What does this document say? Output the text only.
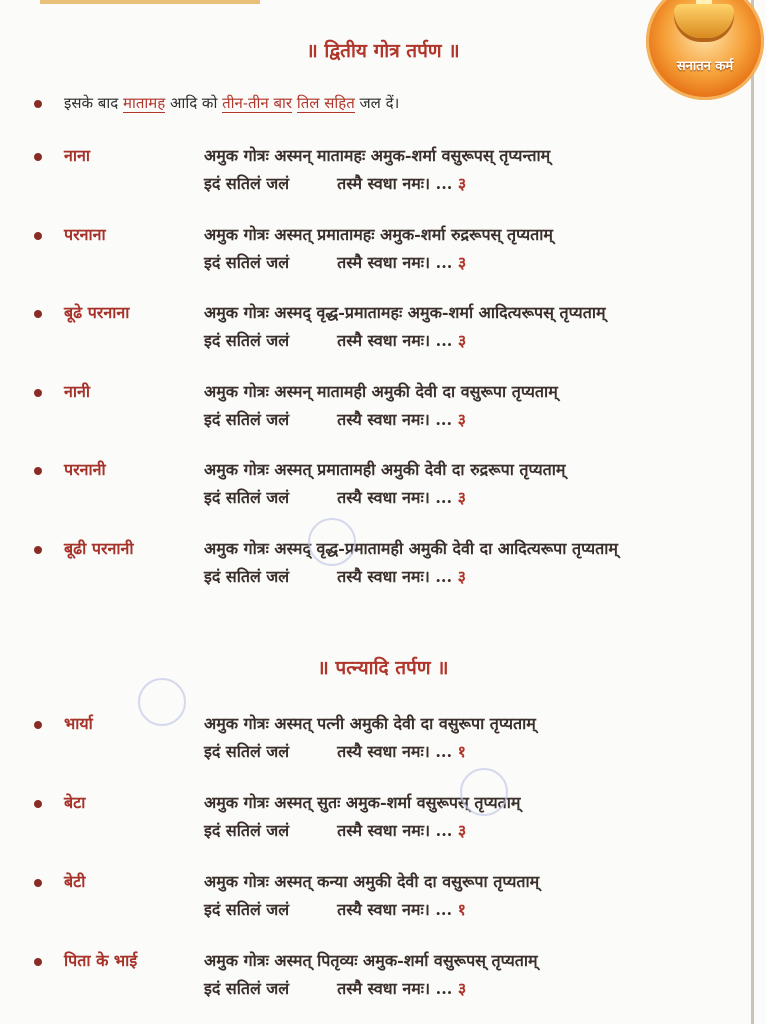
सनातन कर्म
॥ द्वितीय गोत्र तर्पण ॥
इसके बाद मातामह आदि को तीन-तीन बार तिल सहित जल दें।
नाना	अमुक गोत्रः अस्मन् मातामहः अमुक-शर्मा वसुरूपस् तृप्यन्ताम्
इदं सतिलं जलं	तस्मै स्वधा नमः। ... ३
परनाना	अमुक गोत्रः अस्मत् प्रमातामहः अमुक-शर्मा रुद्ररूपस् तृप्यताम्
इदं सतिलं जलं	तस्मै स्वधा नमः। ... ३
बूढे परनाना	अमुक गोत्रः अस्मद् वृद्ध-प्रमातामहः अमुक-शर्मा आदित्यरूपस् तृप्यताम्
इदं सतिलं जलं	तस्मै स्वधा नमः। ... ३
नानी	अमुक गोत्रः अस्मन् मातामही अमुकी देवी दा वसुरूपा तृप्यताम्
इदं सतिलं जलं	तस्यै स्वधा नमः। ... ३
परनानी	अमुक गोत्रः अस्मत् प्रमातामही अमुकी देवी दा रुद्ररूपा तृप्यताम्
इदं सतिलं जलं	तस्यै स्वधा नमः। ... ३
बूढी परनानी	अमुक गोत्रः अस्मद् वृद्ध-प्रमातामही अमुकी देवी दा आदित्यरूपा तृप्यताम्
इदं सतिलं जलं	तस्यै स्वधा नमः। ... ३
॥ पत्न्यादि तर्पण ॥
भार्या	अमुक गोत्रः अस्मत् पत्नी अमुकी देवी दा वसुरूपा तृप्यताम्
इदं सतिलं जलं	तस्यै स्वधा नमः। ... १
बेटा	अमुक गोत्रः अस्मत् सुतः अमुक-शर्मा वसुरूपस् तृप्यताम्
इदं सतिलं जलं	तस्मै स्वधा नमः। ... ३
बेटी	अमुक गोत्रः अस्मत् कन्या अमुकी देवी दा वसुरूपा तृप्यताम्
इदं सतिलं जलं	तस्यै स्वधा नमः। ... १
पिता के भाई	अमुक गोत्रः अस्मत् पितृव्यः अमुक-शर्मा वसुरूपस् तृप्यताम्
इदं सतिलं जलं	तस्मै स्वधा नमः। ... ३
